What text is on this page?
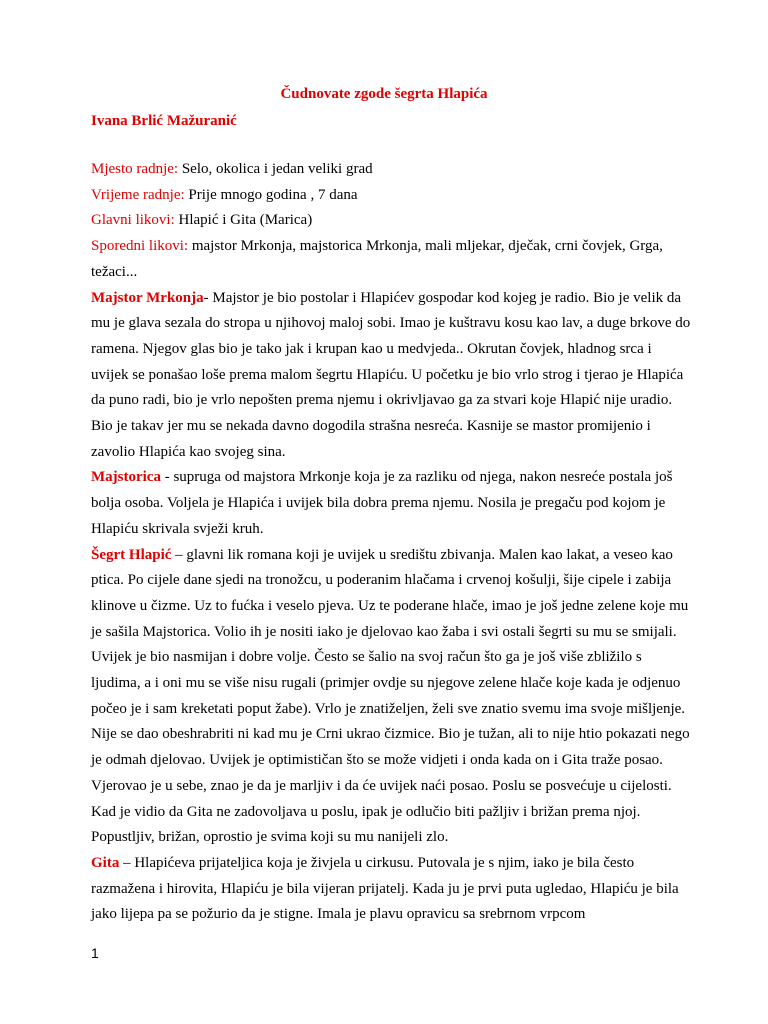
Čudnovate zgode šegrta Hlapića
Ivana Brlić Mažuranić

Mjesto radnje: Selo, okolica i jedan veliki grad

Vrijeme radnje: Prije mnogo godina , 7 dana

Glavni likovi: Hlapić i Gita (Marica)

Sporedni likovi: majstor Mrkonja, majstorica Mrkonja, mali mljekar, dječak, crni čovjek, Grga, težaci...

Majstor Mrkonja- Majstor je bio postolar i Hlapićev gospodar kod kojeg je radio. Bio je velik da mu je glava sezala do stropa u njihovoj maloj sobi. Imao je kuštravu kosu kao lav, a duge brkove do ramena. Njegov glas bio je tako jak i krupan kao u medvjeda.. Okrutan čovjek, hladnog srca i uvijek se ponašao loše prema malom šegrtu Hlapiću. U početku je bio vrlo strog i tjerao je Hlapića da puno radi, bio je vrlo nepošten prema njemu i okrivljavao ga za stvari koje Hlapić nije uradio. Bio je takav jer mu se nekada davno dogodila strašna nesreća. Kasnije se mastor promijenio i zavolio Hlapića kao svojeg sina.

Majstorica - supruga od majstora Mrkonje koja je za razliku od njega, nakon nesreće postala još bolja osoba. Voljela je Hlapića i uvijek bila dobra prema njemu. Nosila je pregaču pod kojom je Hlapiću skrivala svježi kruh.

Šegrt Hlapić – glavni lik romana koji je uvijek u središtu zbivanja. Malen kao lakat, a veseo kao ptica. Po cijele dane sjedi na tronožcu, u poderanim hlačama i crvenoj košulji, šije cipele i zabija klinove u čizme. Uz to fućka i veselo pjeva. Uz te poderane hlače, imao je još jedne zelene koje mu je sašila Majstorica. Volio ih je nositi iako je djelovao kao žaba i svi ostali šegrti su mu se smijali. Uvijek je bio nasmijan i dobre volje. Često se šalio na svoj račun što ga je još više zbližilo s ljudima, a i oni mu se više nisu rugali (primjer ovdje su njegove zelene hlače koje kada je odjenuo počeo je i sam kreketati poput žabe). Vrlo je znatiželjen, želi sve znatio svemu ima svoje mišljenje. Nije se dao obeshrabriti ni kad mu je Crni ukrao čizmice. Bio je tužan, ali to nije htio pokazati nego je odmah djelovao. Uvijek je optimističan što se može vidjeti i onda kada on i Gita traže posao. Vjerovao je u sebe, znao je da je marljiv i da će uvijek naći posao. Poslu se posvećuje u cijelosti. Kad je vidio da Gita ne zadovoljava u poslu, ipak je odlučio biti pažljiv i brižan prema njoj. Popustljiv, brižan, oprostio je svima koji su mu nanijeli zlo.

Gita – Hlapićeva prijateljica koja je živjela u cirkusu. Putovala je s njim, iako je bila često razmažena i hirovita, Hlapiću je bila vijeran prijatelj. Kada ju je prvi puta ugledao, Hlapiću je bila jako lijepa pa se požurio da je stigne. Imala je plavu opravicu sa srebrnom vrpcom

1
